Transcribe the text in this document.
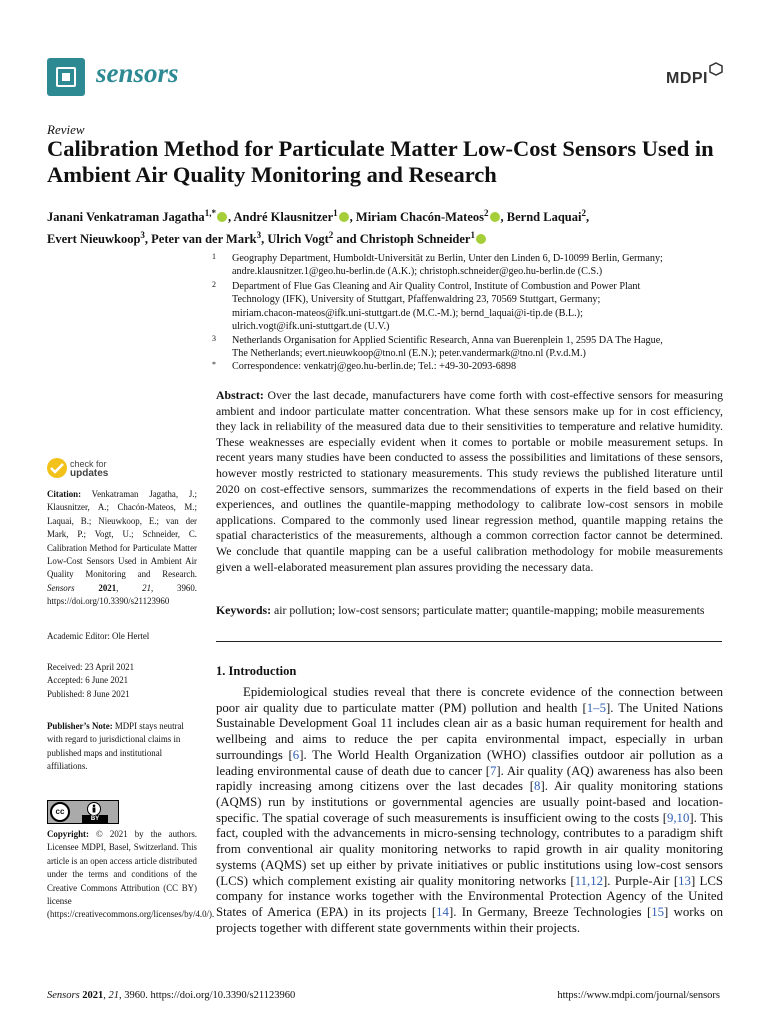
sensors	MDPI
Review
Calibration Method for Particulate Matter Low-Cost Sensors Used in Ambient Air Quality Monitoring and Research
Janani Venkatraman Jagatha$^{1,*}$ , André Klausnitzer$^1$ , Miriam Chacón-Mateos$^2$ , Bernd Laquai$^2$,
Evert Nieuwkoop$^3$, Peter van der Mark$^3$, Ulrich Vogt$^2$ and Christoph Schneider$^1$
1	Geography Department, Humboldt-Universität zu Berlin, Unter den Linden 6, D-10099 Berlin, Germany;
andre.klausnitzer.1@geo.hu-berlin.de (A.K.); christoph.schneider@geo.hu-berlin.de (C.S.)
2	Department of Flue Gas Cleaning and Air Quality Control, Institute of Combustion and Power Plant
Technology (IFK), University of Stuttgart, Pfaffenwaldring 23, 70569 Stuttgart, Germany;
miriam.chacon-mateos@ifk.uni-stuttgart.de (M.C.-M.); bernd_laquai@i-tip.de (B.L.);
ulrich.vogt@ifk.uni-stuttgart.de (U.V.)
3	Netherlands Organisation for Applied Scientific Research, Anna van Buerenplein 1, 2595 DA The Hague,
The Netherlands; evert.nieuwkoop@tno.nl (E.N.); peter.vandermark@tno.nl (P.v.d.M.)
*	Correspondence: venkatrj@geo.hu-berlin.de; Tel.: +49-30-2093-6898
Abstract: Over the last decade, manufacturers have come forth with cost-effective sensors for measuring ambient and indoor particulate matter concentration. What these sensors make up for in cost efficiency, they lack in reliability of the measured data due to their sensitivities to temperature and relative humidity. These weaknesses are especially evident when it comes to portable or mobile measurement setups. In recent years many studies have been conducted to assess the possibilities and limitations of these sensors, however mostly restricted to stationary measurements. This study reviews the published literature until 2020 on cost-effective sensors, summarizes the recommendations of experts in the field based on their experiences, and outlines the quantile-mapping methodology to calibrate low-cost sensors in mobile applications. Compared to the commonly used linear regression method, quantile mapping retains the spatial characteristics of the measurements, although a common correction factor cannot be determined. We conclude that quantile mapping can be a useful calibration methodology for mobile measurements given a well-elaborated measurement plan assures providing the necessary data.
Keywords: air pollution; low-cost sensors; particulate matter; quantile-mapping; mobile measurements
1. Introduction
Epidemiological studies reveal that there is concrete evidence of the connection between poor air quality due to particulate matter (PM) pollution and health [1–5]. The United Nations Sustainable Development Goal 11 includes clean air as a basic human requirement for health and wellbeing and aims to reduce the per capita environmental impact, especially in urban surroundings [6]. The World Health Organization (WHO) classifies outdoor air pollution as a leading environmental cause of death due to cancer [7]. Air quality (AQ) awareness has also been rapidly increasing among citizens over the last decades [8]. Air quality monitoring stations (AQMS) run by institutions or governmental agencies are usually point-based and location-specific. The spatial coverage of such measurements is insufficient owing to the costs [9,10]. This fact, coupled with the advancements in micro-sensing technology, contributes to a paradigm shift from conventional air quality monitoring networks to rapid growth in air quality monitoring systems (AQMS) set up either by private initiatives or public institutions using low-cost sensors (LCS) which complement existing air quality monitoring networks [11,12]. Purple-Air [13] LCS company for instance works together with the Environmental Protection Agency of the United States of America (EPA) in its projects [14]. In Germany, Breeze Technologies [15] works on projects together with different state governments within their projects.
check for
updates
Citation: Venkatraman Jagatha, J.; Klausnitzer, A.; Chacón-Mateos, M.; Laquai, B.; Nieuwkoop, E.; van der Mark, P.; Vogt, U.; Schneider, C. Calibration Method for Particulate Matter Low-Cost Sensors Used in Ambient Air Quality Monitoring and Research. Sensors	2021, 21, 3960. https://doi.org/10.3390/s21123960
Academic Editor: Ole Hertel
Received: 23 April 2021
Accepted: 6 June 2021
Published: 8 June 2021
Publisher’s Note: MDPI stays neutral with regard to jurisdictional claims in published maps and institutional affiliations.
cc
BY
Copyright: © 2021 by the authors. Licensee MDPI, Basel, Switzerland. This article is an open access article distributed under the terms and conditions of the Creative Commons Attribution (CC BY) license (https://creativecommons.org/licenses/by/4.0/).
Sensors 2021, 21, 3960. https://doi.org/10.3390/s21123960	https://www.mdpi.com/journal/sensors
